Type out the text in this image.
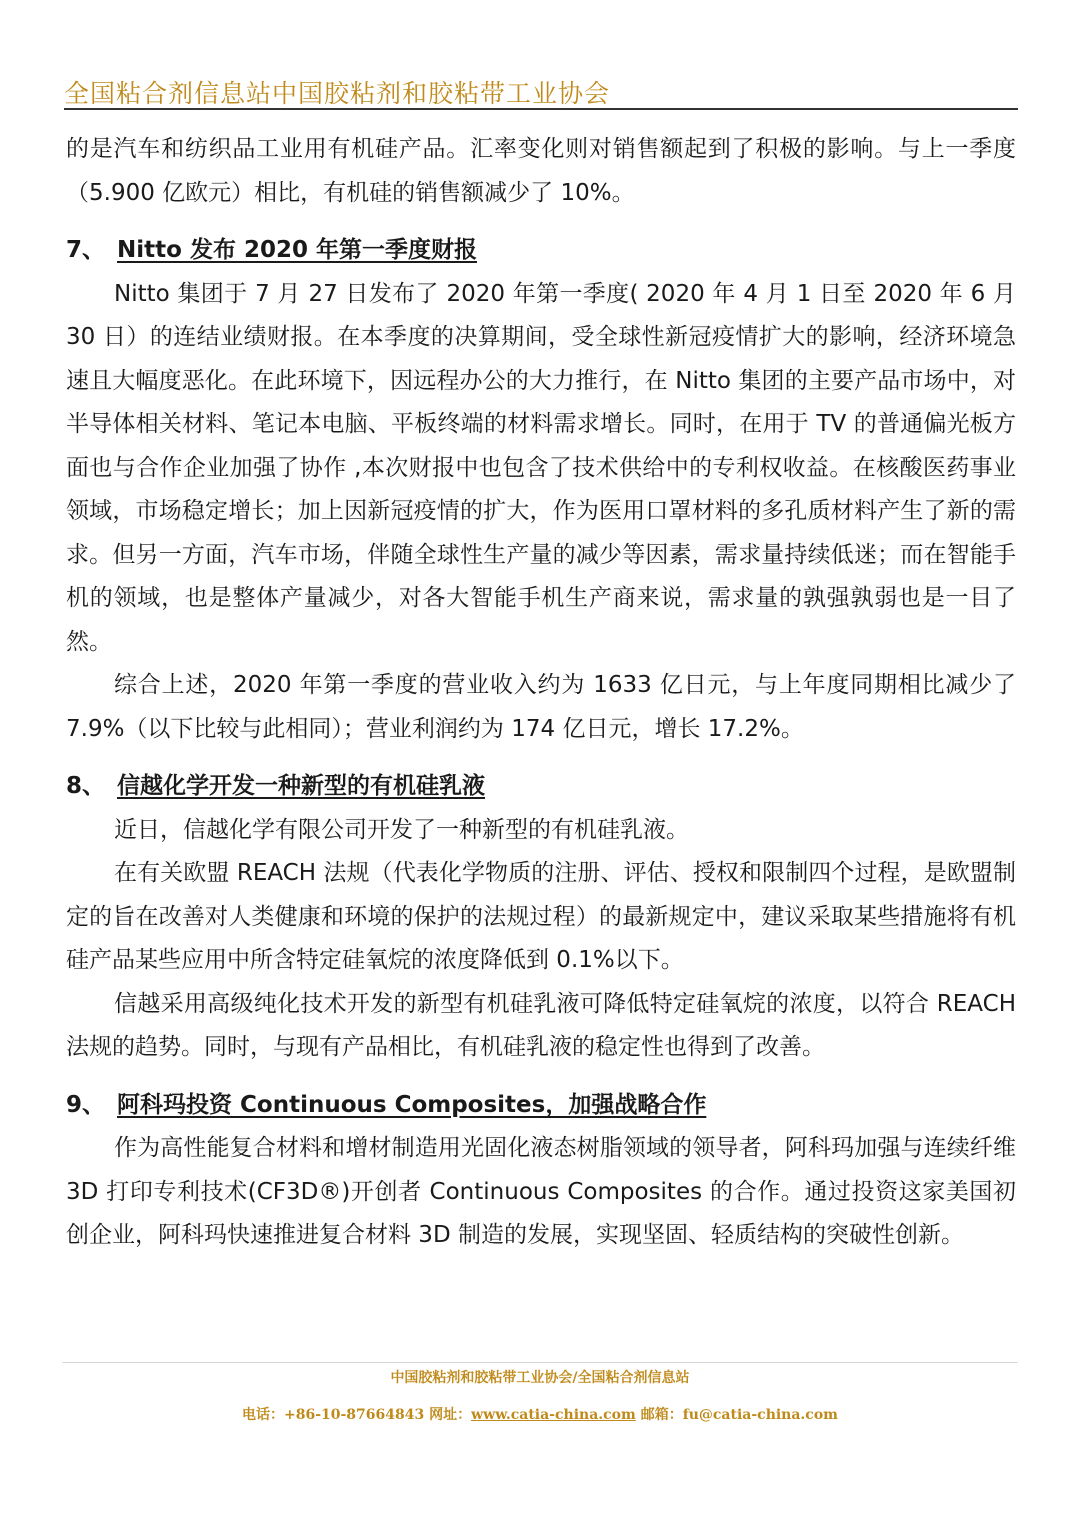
全国粘合剂信息站中国胶粘剂和胶粘带工业协会

的是汽车和纺织品工业用有机硅产品。汇率变化则对销售额起到了积极的影响。与上一季度（5.900 亿欧元）相比，有机硅的销售额减少了 10%。

7、 Nitto 发布 2020 年第一季度财报

Nitto 集团于 7 月 27 日发布了 2020 年第一季度( 2020 年 4 月 1 日至 2020 年 6 月 30 日）的连结业绩财报。在本季度的决算期间，受全球性新冠疫情扩大的影响，经济环境急速且大幅度恶化。在此环境下，因远程办公的大力推行，在 Nitto 集团的主要产品市场中，对半导体相关材料、笔记本电脑、平板终端的材料需求增长。同时，在用于 TV 的普通偏光板方面也与合作企业加强了协作 ,本次财报中也包含了技术供给中的专利权收益。在核酸医药事业领域，市场稳定增长；加上因新冠疫情的扩大，作为医用口罩材料的多孔质材料产生了新的需求。但另一方面，汽车市场，伴随全球性生产量的减少等因素，需求量持续低迷；而在智能手机的领域，也是整体产量减少，对各大智能手机生产商来说，需求量的孰强孰弱也是一目了然。

综合上述，2020 年第一季度的营业收入约为 1633 亿日元，与上年度同期相比减少了 7.9%（以下比较与此相同）；营业利润约为 174 亿日元，增长 17.2%。

8、 信越化学开发一种新型的有机硅乳液

近日，信越化学有限公司开发了一种新型的有机硅乳液。

在有关欧盟 REACH 法规（代表化学物质的注册、评估、授权和限制四个过程，是欧盟制定的旨在改善对人类健康和环境的保护的法规过程）的最新规定中，建议采取某些措施将有机硅产品某些应用中所含特定硅氧烷的浓度降低到 0.1%以下。

信越采用高级纯化技术开发的新型有机硅乳液可降低特定硅氧烷的浓度，以符合 REACH 法规的趋势。同时，与现有产品相比，有机硅乳液的稳定性也得到了改善。

9、 阿科玛投资 Continuous Composites，加强战略合作

作为高性能复合材料和增材制造用光固化液态树脂领域的领导者，阿科玛加强与连续纤维 3D 打印专利技术(CF3D®)开创者 Continuous Composites 的合作。通过投资这家美国初创企业，阿科玛快速推进复合材料 3D 制造的发展，实现坚固、轻质结构的突破性创新。

中国胶粘剂和胶粘带工业协会/全国粘合剂信息站
电话：+86-10-87664843 网址：www.catia-china.com 邮箱：fu@catia-china.com
